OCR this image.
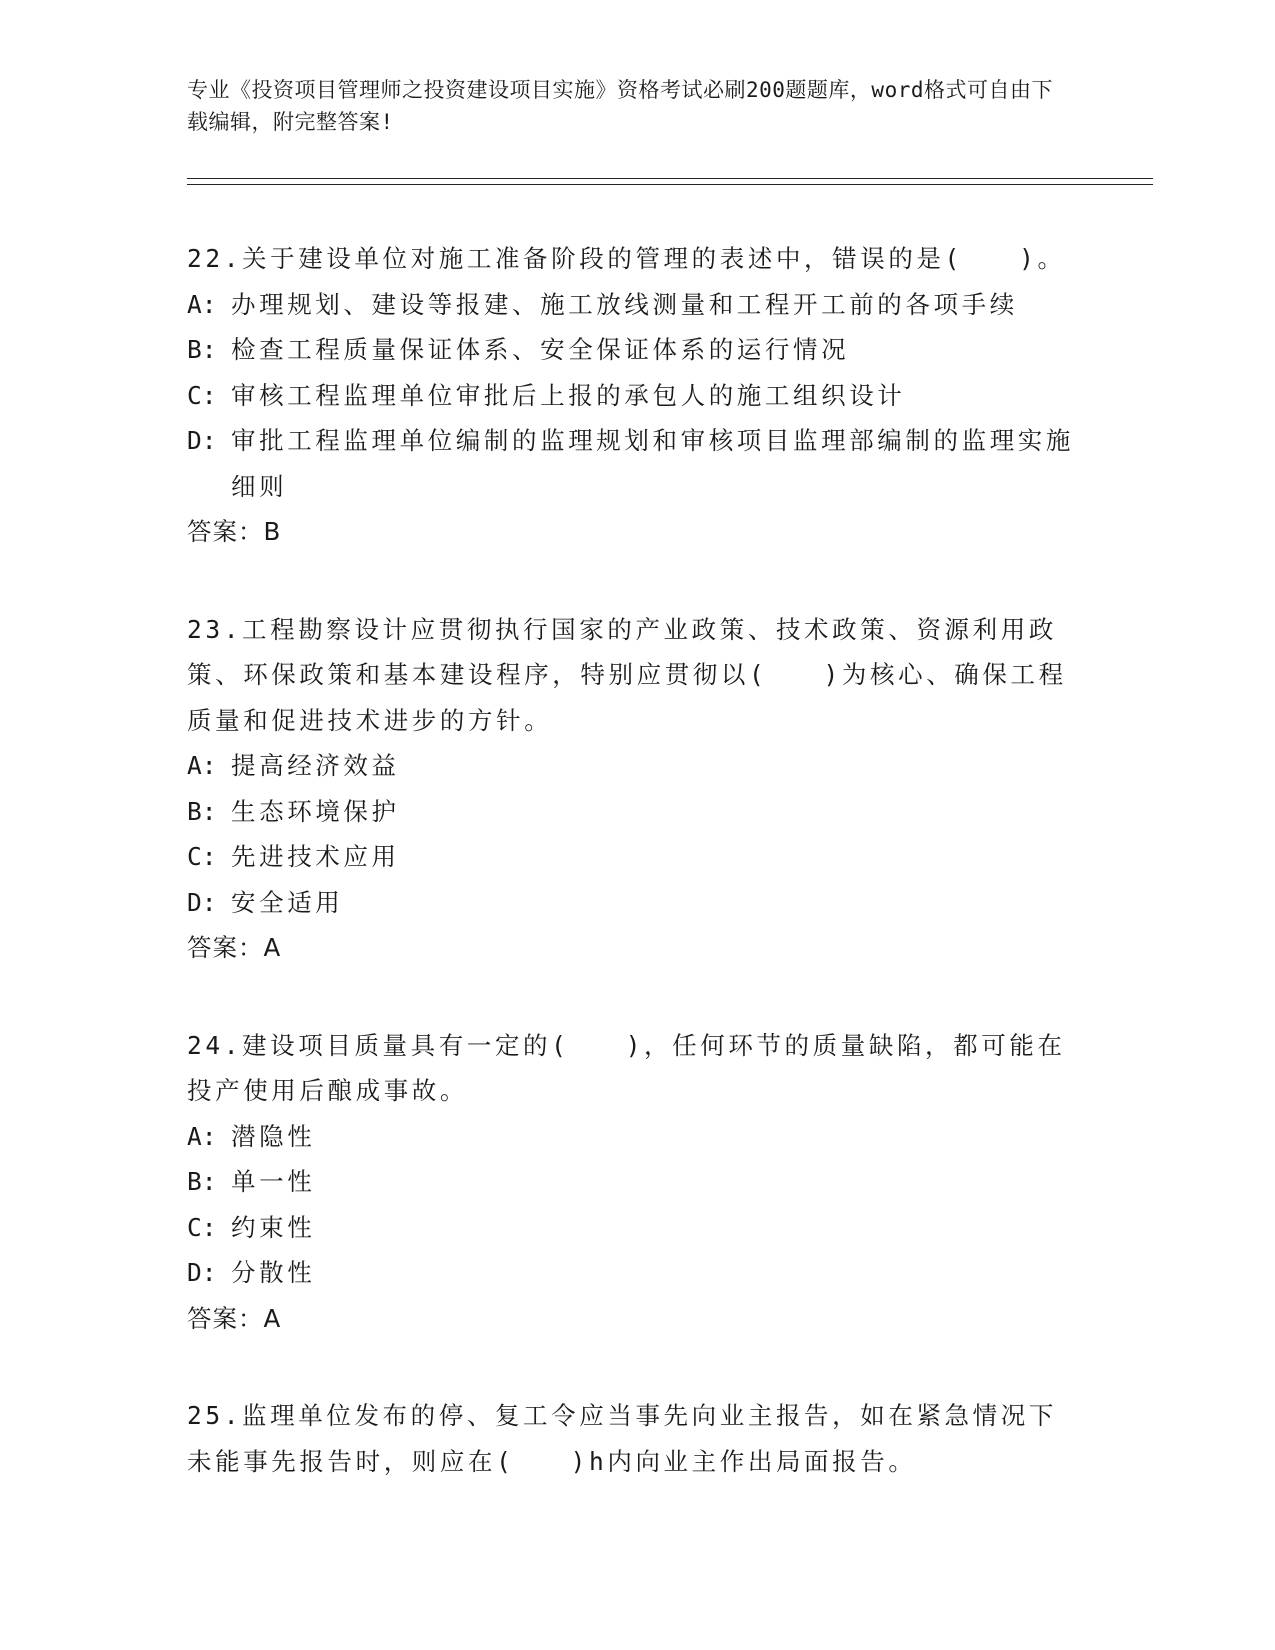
专业《投资项目管理师之投资建设项目实施》资格考试必刷200题题库，word格式可自由下载编辑，附完整答案!
22.关于建设单位对施工准备阶段的管理的表述中，错误的是(　　)。
A: 办理规划、建设等报建、施工放线测量和工程开工前的各项手续
B: 检查工程质量保证体系、安全保证体系的运行情况
C: 审核工程监理单位审批后上报的承包人的施工组织设计
D: 审批工程监理单位编制的监理规划和审核项目监理部编制的监理实施细则
答案：B
23.工程勘察设计应贯彻执行国家的产业政策、技术政策、资源利用政策、环保政策和基本建设程序，特别应贯彻以(　　)为核心、确保工程质量和促进技术进步的方针。
A: 提高经济效益
B: 生态环境保护
C: 先进技术应用
D: 安全适用
答案：A
24.建设项目质量具有一定的(　　)，任何环节的质量缺陷，都可能在投产使用后酿成事故。
A: 潜隐性
B: 单一性
C: 约束性
D: 分散性
答案：A
25.监理单位发布的停、复工令应当事先向业主报告，如在紧急情况下未能事先报告时，则应在(　　)h内向业主作出局面报告。
